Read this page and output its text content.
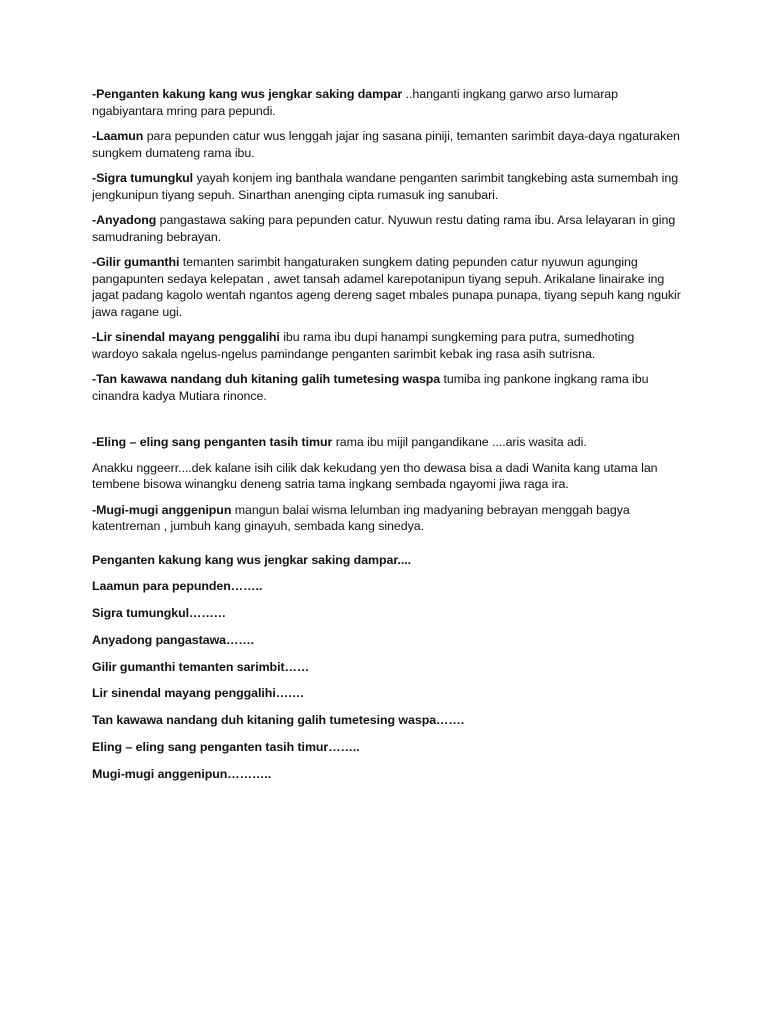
-Penganten kakung kang wus jengkar saking dampar ..hanganti ingkang garwo arso lumarap ngabiyantara mring para pepundi.

-Laamun para pepunden catur wus lenggah jajar ing sasana piniji, temanten sarimbit daya-daya ngaturaken sungkem dumateng rama ibu.

-Sigra tumungkul yayah konjem ing banthala wandane penganten sarimbit tangkebing asta sumembah ing jengkunipun tiyang sepuh. Sinarthan anenging cipta rumasuk ing sanubari.

-Anyadong pangastawa saking para pepunden catur. Nyuwun restu dating rama ibu. Arsa lelayaran in ging samudraning bebrayan.

-Gilir gumanthi temanten sarimbit hangaturaken sungkem dating pepunden catur nyuwun agunging pangapunten sedaya kelepatan , awet tansah adamel karepotanipun tiyang sepuh. Arikalane linairake ing jagat padang kagolo wentah ngantos ageng dereng saget mbales punapa punapa, tiyang sepuh kang ngukir jawa ragane ugi.

-Lir sinendal mayang penggalihi ibu rama ibu dupi hanampi sungkeming para putra, sumedhoting wardoyo sakala ngelus-ngelus pamindange penganten sarimbit kebak ing rasa asih sutrisna.

-Tan kawawa nandang duh kitaning galih tumetesing waspa tumiba ing pankone ingkang rama ibu cinandra kadya Mutiara rinonce.

-Eling – eling sang penganten tasih timur rama ibu mijil pangandikane ....aris wasita adi.

Anakku nggeerr....dek kalane isih cilik dak kekudang yen tho dewasa bisa a dadi Wanita kang utama lan tembene bisowa winangku deneng satria tama ingkang sembada ngayomi jiwa raga ira.

-Mugi-mugi anggenipun mangun balai wisma lelumban ing madyaning bebrayan menggah bagya katentreman , jumbuh kang ginayuh, sembada kang sinedya.

Penganten kakung kang wus jengkar saking dampar....

Laamun para pepunden……..

Sigra tumungkul………

Anyadong pangastawa…….

Gilir gumanthi temanten sarimbit……

Lir sinendal mayang penggalihi…….

Tan kawawa nandang duh kitaning galih tumetesing waspa…….

Eling – eling sang penganten tasih timur……..

Mugi-mugi anggenipun………..
